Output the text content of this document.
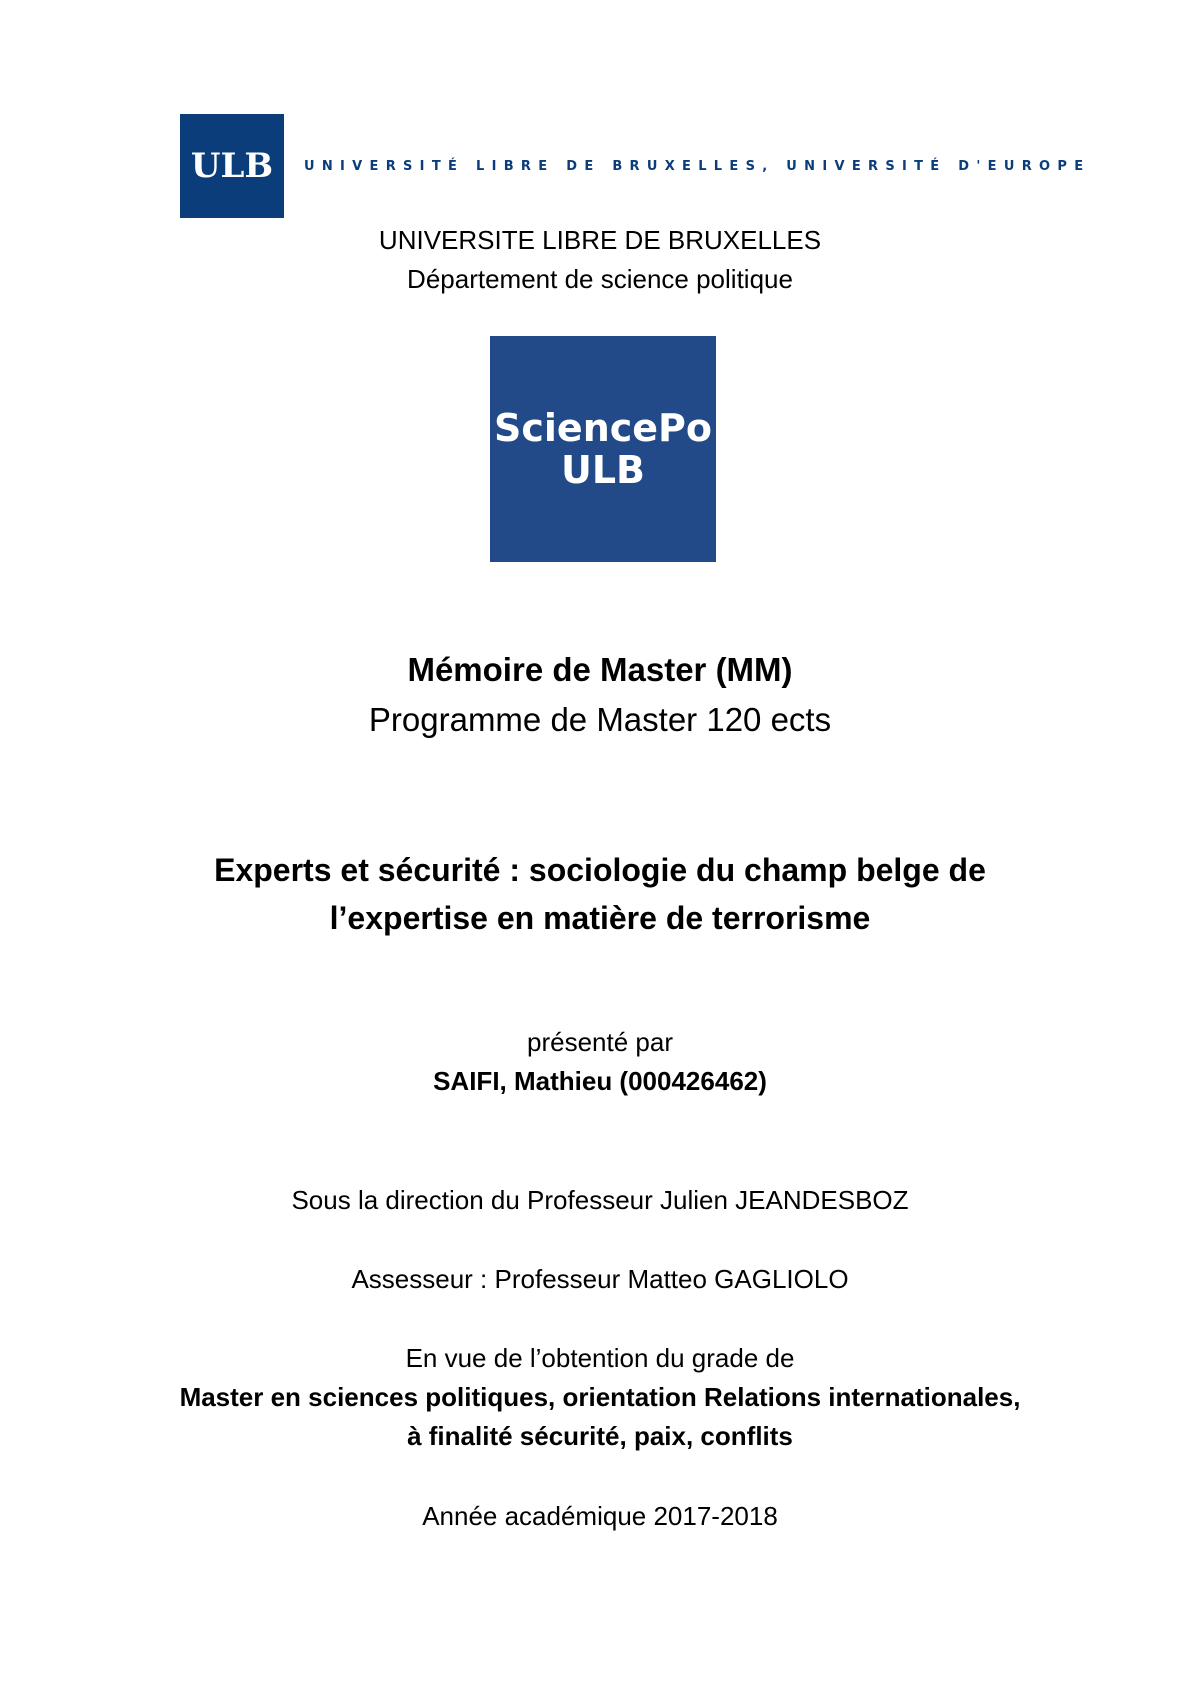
ULB UNIVERSITÉ LIBRE DE BRUXELLES, UNIVERSITÉ D'EUROPE
UNIVERSITE LIBRE DE BRUXELLES
Département de science politique
SciencePo
ULB
Mémoire de Master (MM)
Programme de Master 120 ects
Experts et sécurité : sociologie du champ belge de
l’expertise en matière de terrorisme
présenté par
SAIFI, Mathieu (000426462)
Sous la direction du Professeur Julien JEANDESBOZ
Assesseur : Professeur Matteo GAGLIOLO
En vue de l’obtention du grade de
Master en sciences politiques, orientation Relations internationales,
à finalité sécurité, paix, conflits
Année académique 2017-2018
